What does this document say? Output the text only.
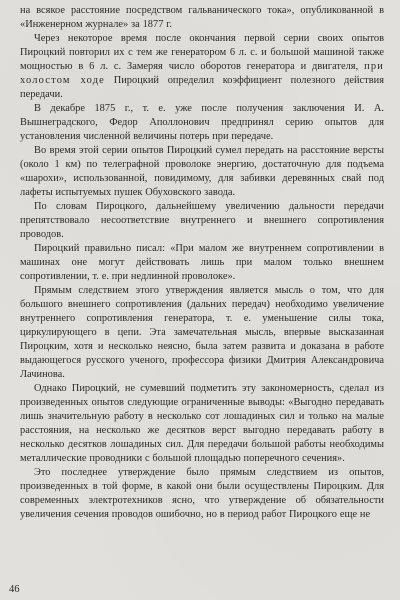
на всякое расстояние посредством гальванического тока», опубликованной в «Инженерном журнале» за 1877 г.

Через некоторое время после окончания первой серии своих опытов Пироцкий повторил их с тем же генератором 6 л. с. и большой машиной также мощностью в 6 л. с. Замеряя число оборотов генератора и двигателя, при холостом ходе Пироцкий определил коэффициент полезного действия передачи.

В декабре 1875 г., т. е. уже после получения заключения И. А. Вышнеградского, Федор Аполлонович предпринял серию опытов для установления численной величины потерь при передаче.

Во время этой серии опытов Пироцкий сумел передать на расстояние версты (около 1 км) по телеграфной проволоке энергию, достаточную для подъема «шарохи», использованной, повидимому, для забивки деревянных свай под лафеты испытуемых пушек Обуховского завода.

По словам Пироцкого, дальнейшему увеличению дальности передачи препятствовало несоответствие внутреннего и внешнего сопротивления проводов.

Пироцкий правильно писал: «При малом же внутреннем сопротивлении в машинах оне могут действовать лишь при малом только внешнем сопротивлении, т. е. при недлинной проволоке».

Прямым следствием этого утверждения является мысль о том, что для большого внешнего сопротивления (дальних передач) необходимо увеличение внутреннего сопротивления генератора, т. е. уменьшение силы тока, циркулирующего в цепи. Эта замечательная мысль, впервые высказанная Пироцким, хотя и несколько неясно, была затем развита и доказана в работе выдающегося русского ученого, профессора физики Дмитрия Александровича Лачинова.

Однако Пироцкий, не сумевший подметить эту закономерность, сделал из произведенных опытов следующие ограниченные выводы: «Выгодно передавать лишь значительную работу в несколько сот лошадиных сил и только на малые расстояния, на несколько же десятков верст выгодно передавать работу в несколько десятков лошадиных сил. Для передачи большой работы необходимы металлические проводники с большой площадью поперечного сечения».

Это последнее утверждение было прямым следствием из опытов, произведенных в той форме, в какой они были осуществлены Пироцким. Для современных электротехников ясно, что утверждение об обязательности увеличения сечения проводов ошибочно, но в период работ Пироцкого еще не

46
